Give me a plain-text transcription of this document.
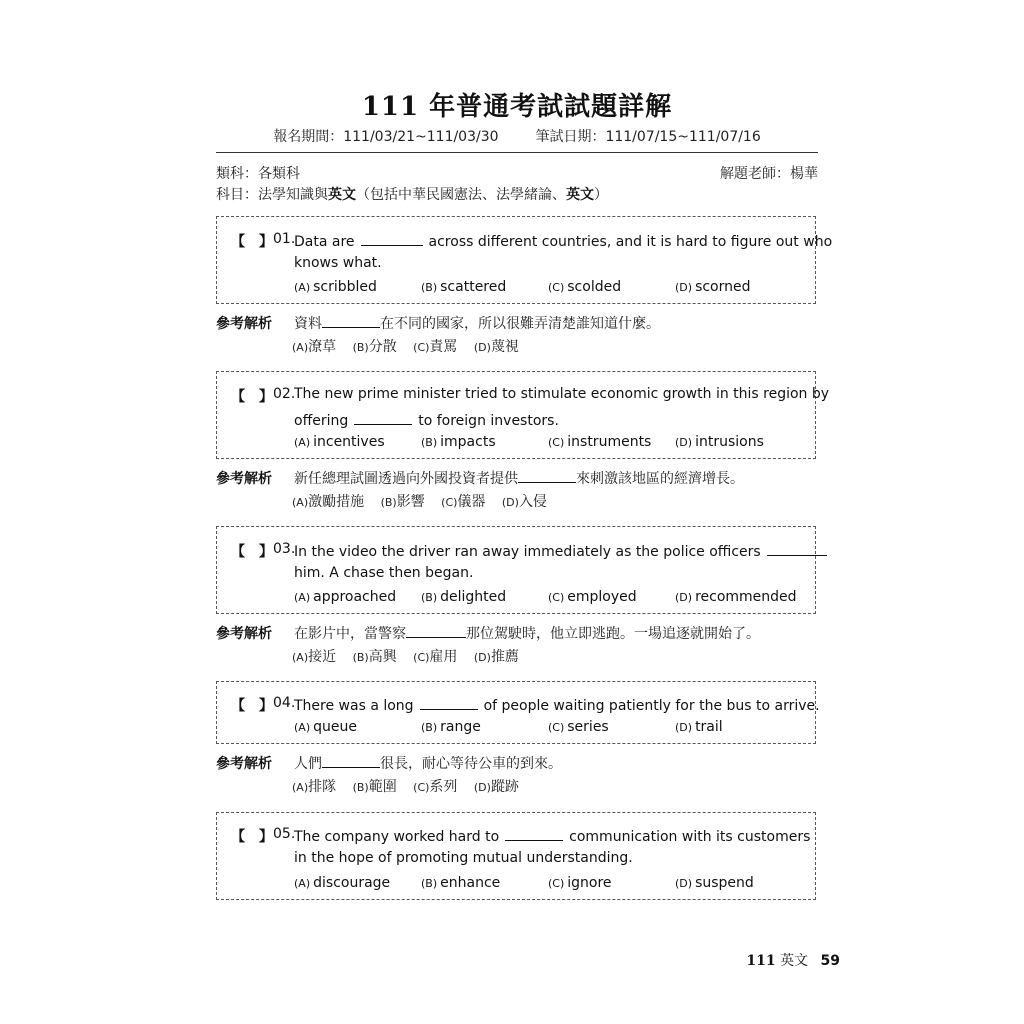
111 年普通考試試題詳解
報名期間：111/03/21~111/03/30	筆試日期：111/07/15~111/07/16
類科：各類科	解題老師：楊華
科目：法學知識與英文（包括中華民國憲法、法學緒論、英文）
【　】 01.
Data are	across different countries, and it is hard to figure out who
knows what.
(A) scribbled	(B) scattered	(C) scolded	(D) scorned
參考解析 資料	在不同的國家，所以很難弄清楚誰知道什麼。
(A)潦草 (B)分散 (C)責罵 (D)蔑視
【　】 02.
The new prime minister tried to stimulate economic growth in this region by
offering	to foreign investors.
(A) incentives	(B) impacts	(C) instruments (D) intrusions
參考解析 新任總理試圖透過向外國投資者提供	來刺激該地區的經濟增長。
(A)激勵措施 (B)影響 (C)儀器 (D)入侵
【　】 03.
In the video the driver ran away immediately as the police officers
him. A chase then began.
(A) approached (B) delighted	(C) employed	(D) recommended
參考解析 在影片中，當警察	那位駕駛時，他立即逃跑。一場追逐就開始了。
(A)接近 (B)高興 (C)雇用 (D)推薦
【　】 04.
There was a long	of people waiting patiently for the bus to arrive.
(A) queue	(B) range	(C) series	(D) trail
參考解析 人們	很長，耐心等待公車的到來。
(A)排隊 (B)範圍 (C)系列 (D)蹤跡
【　】 05.
The company worked hard to	communication with its customers
in the hope of promoting mutual understanding.
(A) discourage	(B) enhance	(C) ignore	(D) suspend
111 英文 59
